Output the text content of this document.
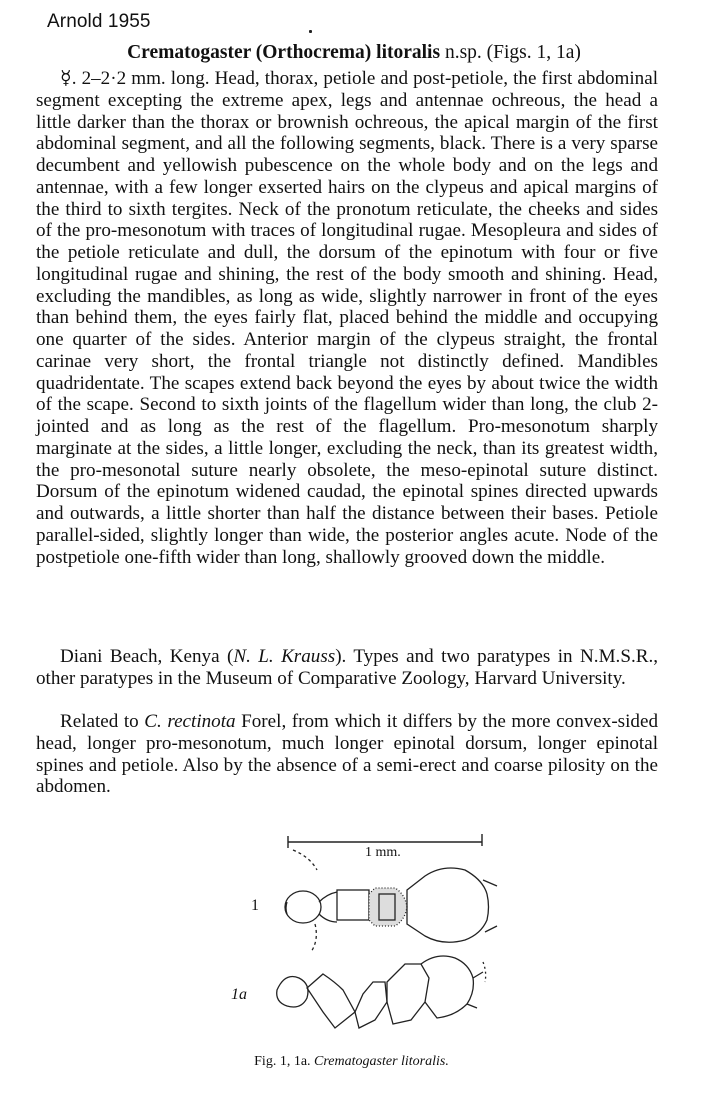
Arnold 1955
Crematogaster (Orthocrema) litoralis n.sp. (Figs. 1, 1a)
☿. 2–2·2 mm. long. Head, thorax, petiole and post-petiole, the first abdominal segment excepting the extreme apex, legs and antennae ochreous, the head a little darker than the thorax or brownish ochreous, the apical margin of the first abdominal segment, and all the following segments, black. There is a very sparse decumbent and yellowish pubescence on the whole body and on the legs and antennae, with a few longer exserted hairs on the clypeus and apical margins of the third to sixth tergites. Neck of the pronotum reticulate, the cheeks and sides of the pro-mesonotum with traces of longitudinal rugae. Mesopleura and sides of the petiole reticulate and dull, the dorsum of the epinotum with four or five longitudinal rugae and shining, the rest of the body smooth and shining. Head, excluding the mandibles, as long as wide, slightly narrower in front of the eyes than behind them, the eyes fairly flat, placed behind the middle and occupying one quarter of the sides. Anterior margin of the clypeus straight, the frontal carinae very short, the frontal triangle not distinctly defined. Mandibles quadridentate. The scapes extend back beyond the eyes by about twice the width of the scape. Second to sixth joints of the flagellum wider than long, the club 2-jointed and as long as the rest of the flagellum. Pro-mesonotum sharply marginate at the sides, a little longer, excluding the neck, than its greatest width, the pro-mesonotal suture nearly obsolete, the meso-epinotal suture distinct. Dorsum of the epinotum widened caudad, the epinotal spines directed upwards and outwards, a little shorter than half the distance between their bases. Petiole parallel-sided, slightly longer than wide, the posterior angles acute. Node of the postpetiole one-fifth wider than long, shallowly grooved down the middle.
Diani Beach, Kenya (N. L. Krauss). Types and two paratypes in N.M.S.R., other paratypes in the Museum of Comparative Zoology, Harvard University.
Related to C. rectinota Forel, from which it differs by the more convex-sided head, longer pro-mesonotum, much longer epinotal dorsum, longer epinotal spines and petiole. Also by the absence of a semi-erect and coarse pilosity on the abdomen.
1 mm.
1
1a
Fig. 1, 1a. Crematogaster litoralis.
